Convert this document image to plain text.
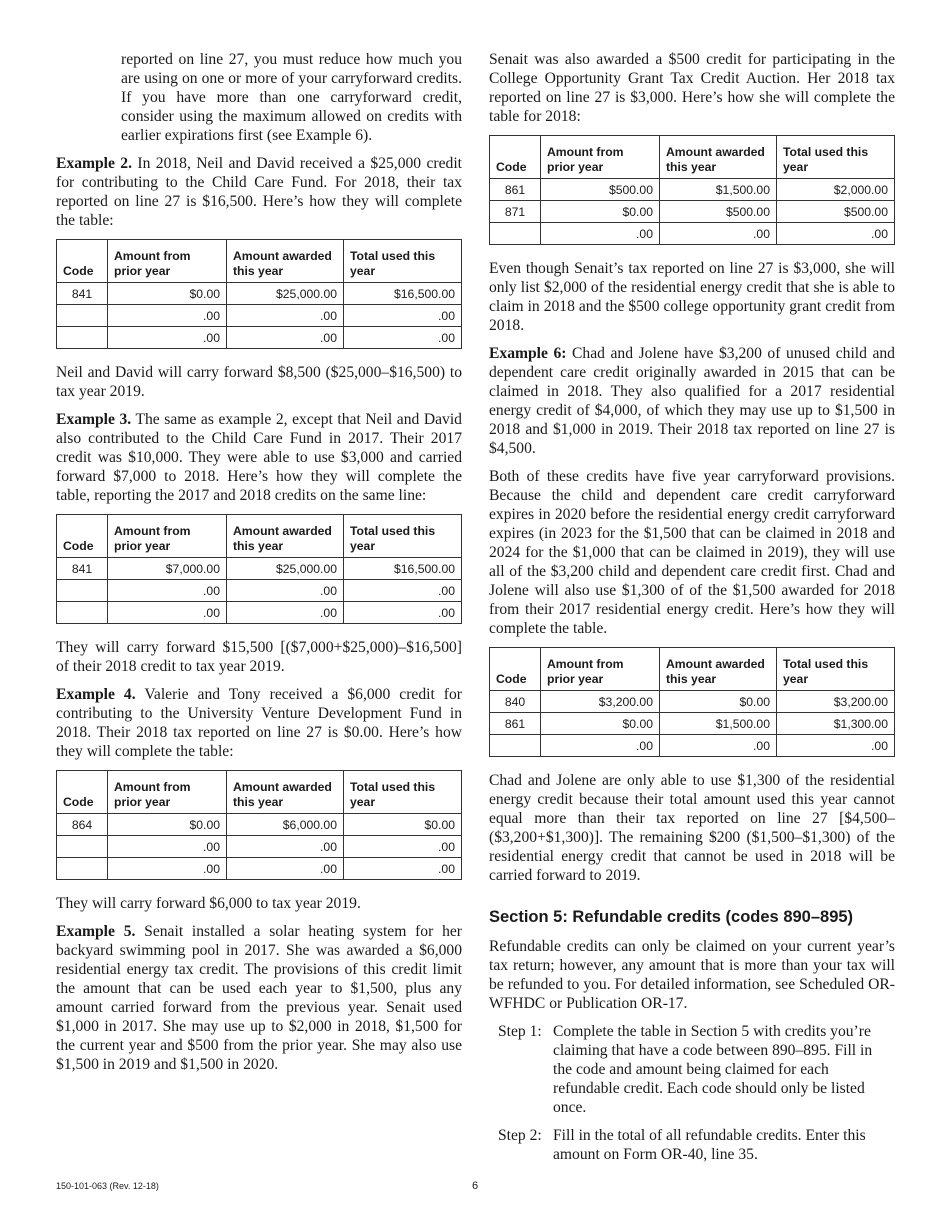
reported on line 27, you must reduce how much you are using on one or more of your carryforward credits. If you have more than one carryforward credit, consider using the maximum allowed on credits with earlier expirations first (see Example 6).

Example 2. In 2018, Neil and David received a $25,000 credit for contributing to the Child Care Fund. For 2018, their tax reported on line 27 is $16,500. Here’s how they will complete the table:

Code	Amount from prior year	Amount awarded this year	Total used this year
841	$0.00	$25,000.00	$16,500.00
	.00	.00	.00
	.00	.00	.00

Neil and David will carry forward $8,500 ($25,000–$16,500) to tax year 2019.

Example 3. The same as example 2, except that Neil and David also contributed to the Child Care Fund in 2017. Their 2017 credit was $10,000. They were able to use $3,000 and carried forward $7,000 to 2018. Here’s how they will complete the table, reporting the 2017 and 2018 credits on the same line:

Code	Amount from prior year	Amount awarded this year	Total used this year
841	$7,000.00	$25,000.00	$16,500.00
	.00	.00	.00
	.00	.00	.00

They will carry forward $15,500 [($7,000+$25,000)–$16,500] of their 2018 credit to tax year 2019.

Example 4. Valerie and Tony received a $6,000 credit for contributing to the University Venture Development Fund in 2018. Their 2018 tax reported on line 27 is $0.00. Here’s how they will complete the table:

Code	Amount from prior year	Amount awarded this year	Total used this year
864	$0.00	$6,000.00	$0.00
	.00	.00	.00
	.00	.00	.00

They will carry forward $6,000 to tax year 2019.

Example 5. Senait installed a solar heating system for her backyard swimming pool in 2017. She was awarded a $6,000 residential energy tax credit. The provisions of this credit limit the amount that can be used each year to $1,500, plus any amount carried forward from the previous year. Senait used $1,000 in 2017. She may use up to $2,000 in 2018, $1,500 for the current year and $500 from the prior year. She may also use $1,500 in 2019 and $1,500 in 2020.

Senait was also awarded a $500 credit for participating in the College Opportunity Grant Tax Credit Auction. Her 2018 tax reported on line 27 is $3,000. Here’s how she will complete the table for 2018:

Code	Amount from prior year	Amount awarded this year	Total used this year
861	$500.00	$1,500.00	$2,000.00
871	$0.00	$500.00	$500.00
	.00	.00	.00

Even though Senait’s tax reported on line 27 is $3,000, she will only list $2,000 of the residential energy credit that she is able to claim in 2018 and the $500 college opportunity grant credit from 2018.

Example 6: Chad and Jolene have $3,200 of unused child and dependent care credit originally awarded in 2015 that can be claimed in 2018. They also qualified for a 2017 residential energy credit of $4,000, of which they may use up to $1,500 in 2018 and $1,000 in 2019. Their 2018 tax reported on line 27 is $4,500.

Both of these credits have five year carryforward provisions. Because the child and dependent care credit carryforward expires in 2020 before the residential energy credit carryforward expires (in 2023 for the $1,500 that can be claimed in 2018 and 2024 for the $1,000 that can be claimed in 2019), they will use all of the $3,200 child and dependent care credit first. Chad and Jolene will also use $1,300 of of the $1,500 awarded for 2018 from their 2017 residential energy credit. Here’s how they will complete the table.

Code	Amount from prior year	Amount awarded this year	Total used this year
840	$3,200.00	$0.00	$3,200.00
861	$0.00	$1,500.00	$1,300.00
	.00	.00	.00

Chad and Jolene are only able to use $1,300 of the residential energy credit because their total amount used this year cannot equal more than their tax reported on line 27 [$4,500–($3,200+$1,300)]. The remaining $200 ($1,500–$1,300) of the residential energy credit that cannot be used in 2018 will be carried forward to 2019.

Section 5: Refundable credits (codes 890–895)

Refundable credits can only be claimed on your current year’s tax return; however, any amount that is more than your tax will be refunded to you. For detailed information, see Scheduled OR-WFHDC or Publication OR-17.

Step 1: Complete the table in Section 5 with credits you’re claiming that have a code between 890–895. Fill in the code and amount being claimed for each refundable credit. Each code should only be listed once.
Step 2: Fill in the total of all refundable credits. Enter this amount on Form OR-40, line 35.
150-101-063 (Rev. 12-18)	6
